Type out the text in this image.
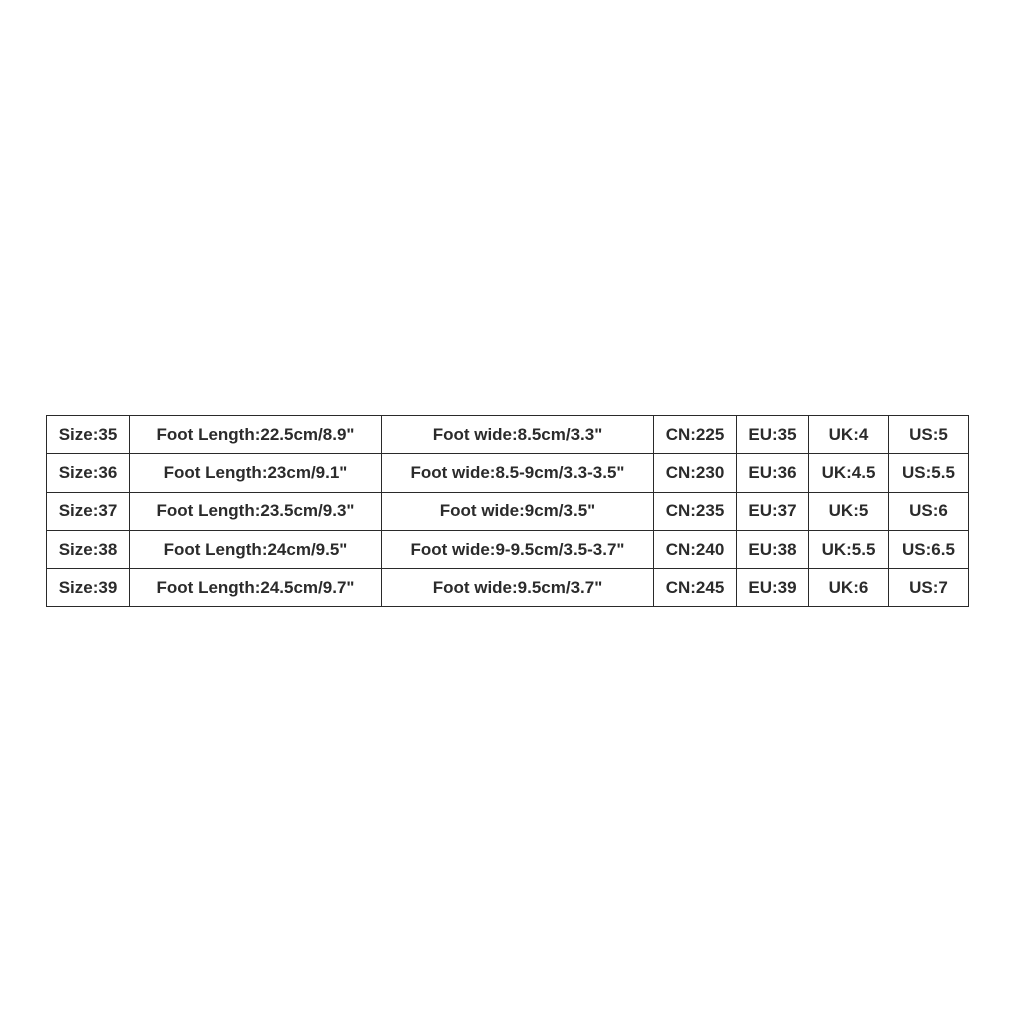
Size:35	Foot Length:22.5cm/8.9"	Foot wide:8.5cm/3.3"	CN:225	EU:35	UK:4	US:5
Size:36	Foot Length:23cm/9.1"	Foot wide:8.5-9cm/3.3-3.5"	CN:230	EU:36	UK:4.5	US:5.5
Size:37	Foot Length:23.5cm/9.3"	Foot wide:9cm/3.5"	CN:235	EU:37	UK:5	US:6
Size:38	Foot Length:24cm/9.5"	Foot wide:9-9.5cm/3.5-3.7"	CN:240	EU:38	UK:5.5	US:6.5
Size:39	Foot Length:24.5cm/9.7"	Foot wide:9.5cm/3.7"	CN:245	EU:39	UK:6	US:7
